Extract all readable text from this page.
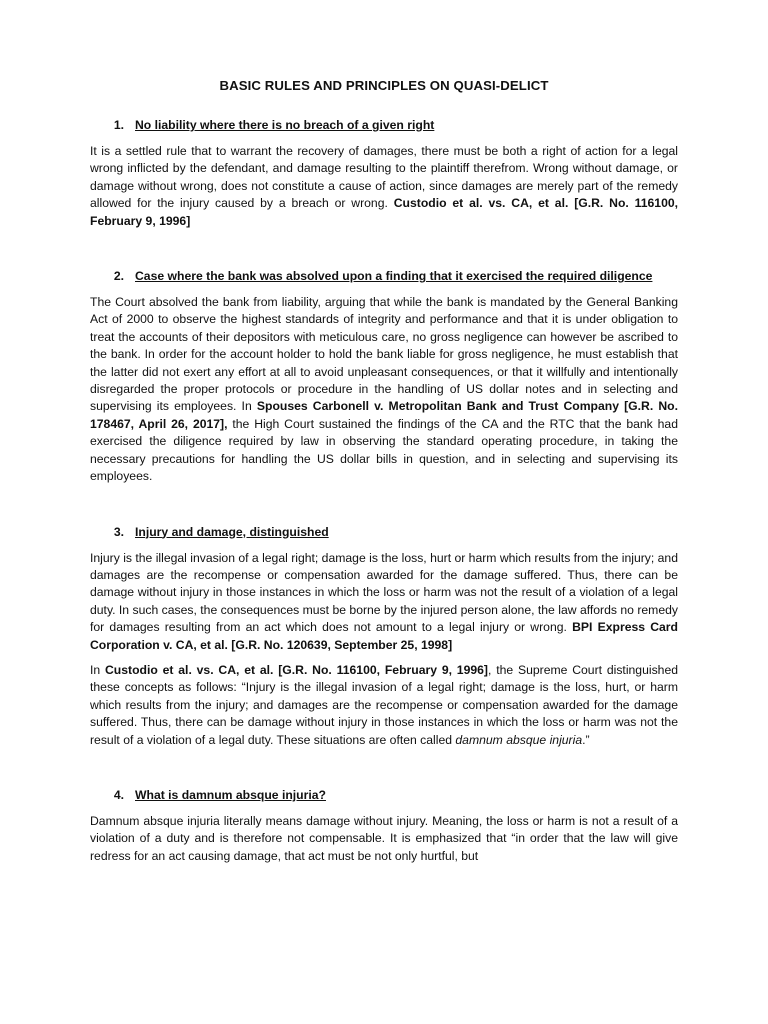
BASIC RULES AND PRINCIPLES ON QUASI-DELICT
1. No liability where there is no breach of a given right

It is a settled rule that to warrant the recovery of damages, there must be both a right of action for a legal wrong inflicted by the defendant, and damage resulting to the plaintiff therefrom. Wrong without damage, or damage without wrong, does not constitute a cause of action, since damages are merely part of the remedy allowed for the injury caused by a breach or wrong. Custodio et al. vs. CA, et al. [G.R. No. 116100, February 9, 1996]

2. Case where the bank was absolved upon a finding that it exercised the required diligence

The Court absolved the bank from liability, arguing that while the bank is mandated by the General Banking Act of 2000 to observe the highest standards of integrity and performance and that it is under obligation to treat the accounts of their depositors with meticulous care, no gross negligence can however be ascribed to the bank. In order for the account holder to hold the bank liable for gross negligence, he must establish that the latter did not exert any effort at all to avoid unpleasant consequences, or that it willfully and intentionally disregarded the proper protocols or procedure in the handling of US dollar notes and in selecting and supervising its employees. In Spouses Carbonell v. Metropolitan Bank and Trust Company [G.R. No. 178467, April 26, 2017], the High Court sustained the findings of the CA and the RTC that the bank had exercised the diligence required by law in observing the standard operating procedure, in taking the necessary precautions for handling the US dollar bills in question, and in selecting and supervising its employees.

3. Injury and damage, distinguished

Injury is the illegal invasion of a legal right; damage is the loss, hurt or harm which results from the injury; and damages are the recompense or compensation awarded for the damage suffered. Thus, there can be damage without injury in those instances in which the loss or harm was not the result of a violation of a legal duty. In such cases, the consequences must be borne by the injured person alone, the law affords no remedy for damages resulting from an act which does not amount to a legal injury or wrong. BPI Express Card Corporation v. CA, et al. [G.R. No. 120639, September 25, 1998]

In Custodio et al. vs. CA, et al. [G.R. No. 116100, February 9, 1996], the Supreme Court distinguished these concepts as follows: “Injury is the illegal invasion of a legal right; damage is the loss, hurt, or harm which results from the injury; and damages are the recompense or compensation awarded for the damage suffered. Thus, there can be damage without injury in those instances in which the loss or harm was not the result of a violation of a legal duty. These situations are often called damnum absque injuria.”

4. What is damnum absque injuria?

Damnum absque injuria literally means damage without injury. Meaning, the loss or harm is not a result of a violation of a duty and is therefore not compensable. It is emphasized that “in order that the law will give redress for an act causing damage, that act must be not only hurtful, but
